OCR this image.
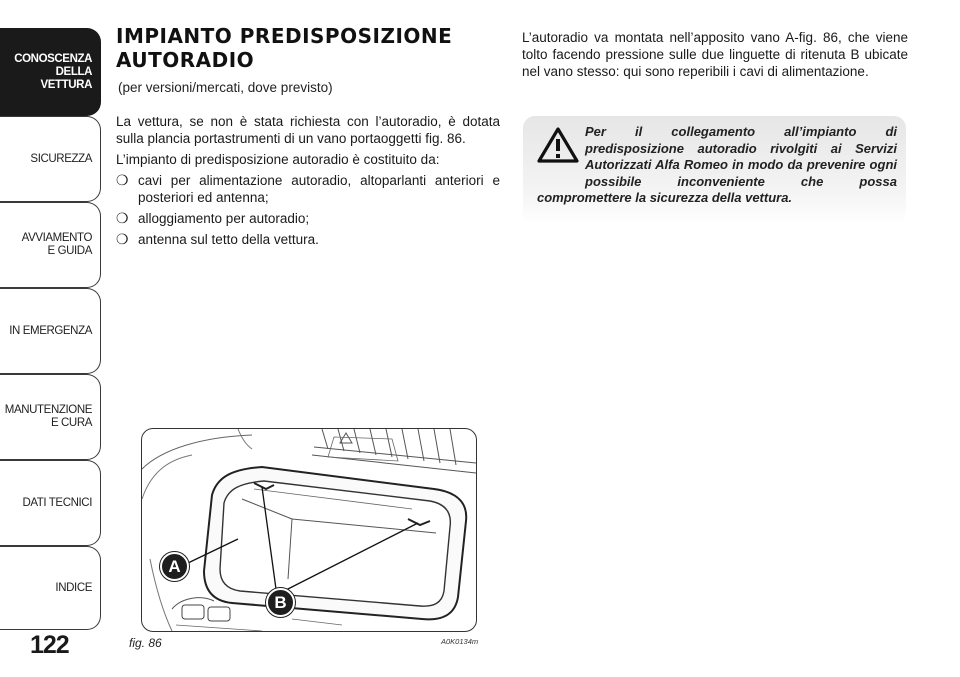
CONOSCENZA
DELLA
VETTURA
SICUREZZA
AVVIAMENTO
E GUIDA
IN EMERGENZA
MANUTENZIONE
E CURA
DATI TECNICI
INDICE
122
IMPIANTO PREDISPOSIZIONE AUTORADIO
(per versioni/mercati, dove previsto)

La vettura, se non è stata richiesta con l’autoradio, è dotata sulla plancia portastrumenti di un vano portaoggetti fig. 86.

L’impianto di predisposizione autoradio è costituito da:

❍ cavi per alimentazione autoradio, altoparlanti anteriori e posteriori ed antenna;
❍ alloggiamento per autoradio;
❍ antenna sul tetto della vettura.

L’autoradio va montata nell’apposito vano A-fig. 86, che viene tolto facendo pressione sulle due linguette di ritenuta B ubicate nel vano stesso: qui sono reperibili i cavi di alimentazione.

Per il collegamento all’impianto di predisposizione autoradio rivolgiti ai Servizi Autorizzati Alfa Romeo in modo da prevenire ogni possibile inconveniente che possa compromettere la sicurezza della vettura.
A
B
fig. 86	A0K0134m
